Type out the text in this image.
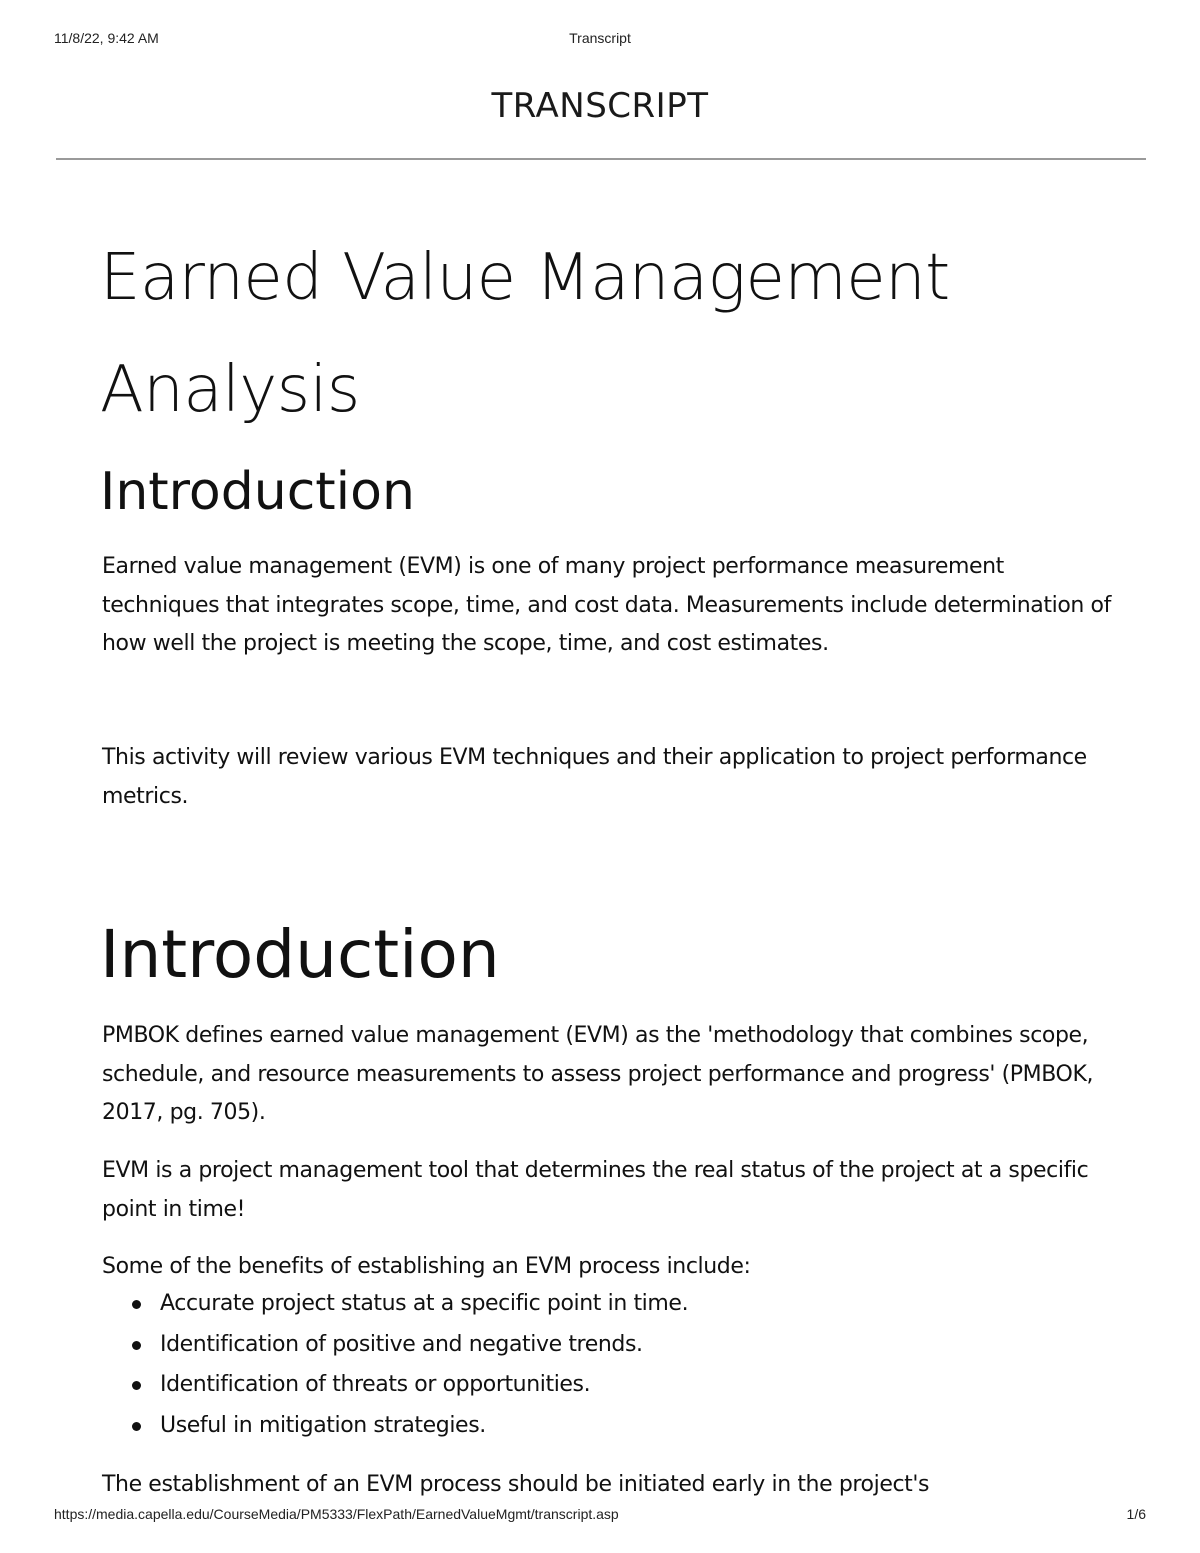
11/8/22, 9:42 AM	Transcript
TRANSCRIPT
Earned Value Management
Analysis
Introduction

Earned value management (EVM) is one of many project performance measurement techniques that integrates scope, time, and cost data. Measurements include determination of how well the project is meeting the scope, time, and cost estimates.

This activity will review various EVM techniques and their application to project performance metrics.

Introduction

PMBOK defines earned value management (EVM) as the 'methodology that combines scope, schedule, and resource measurements to assess project performance and progress' (PMBOK, 2017, pg. 705).

EVM is a project management tool that determines the real status of the project at a specific point in time!

Some of the benefits of establishing an EVM process include:

Accurate project status at a specific point in time.
Identification of positive and negative trends.
Identification of threats or opportunities.
Useful in mitigation strategies.

The establishment of an EVM process should be initiated early in the project's

https://media.capella.edu/CourseMedia/PM5333/FlexPath/EarnedValueMgmt/transcript.asp	1/6
